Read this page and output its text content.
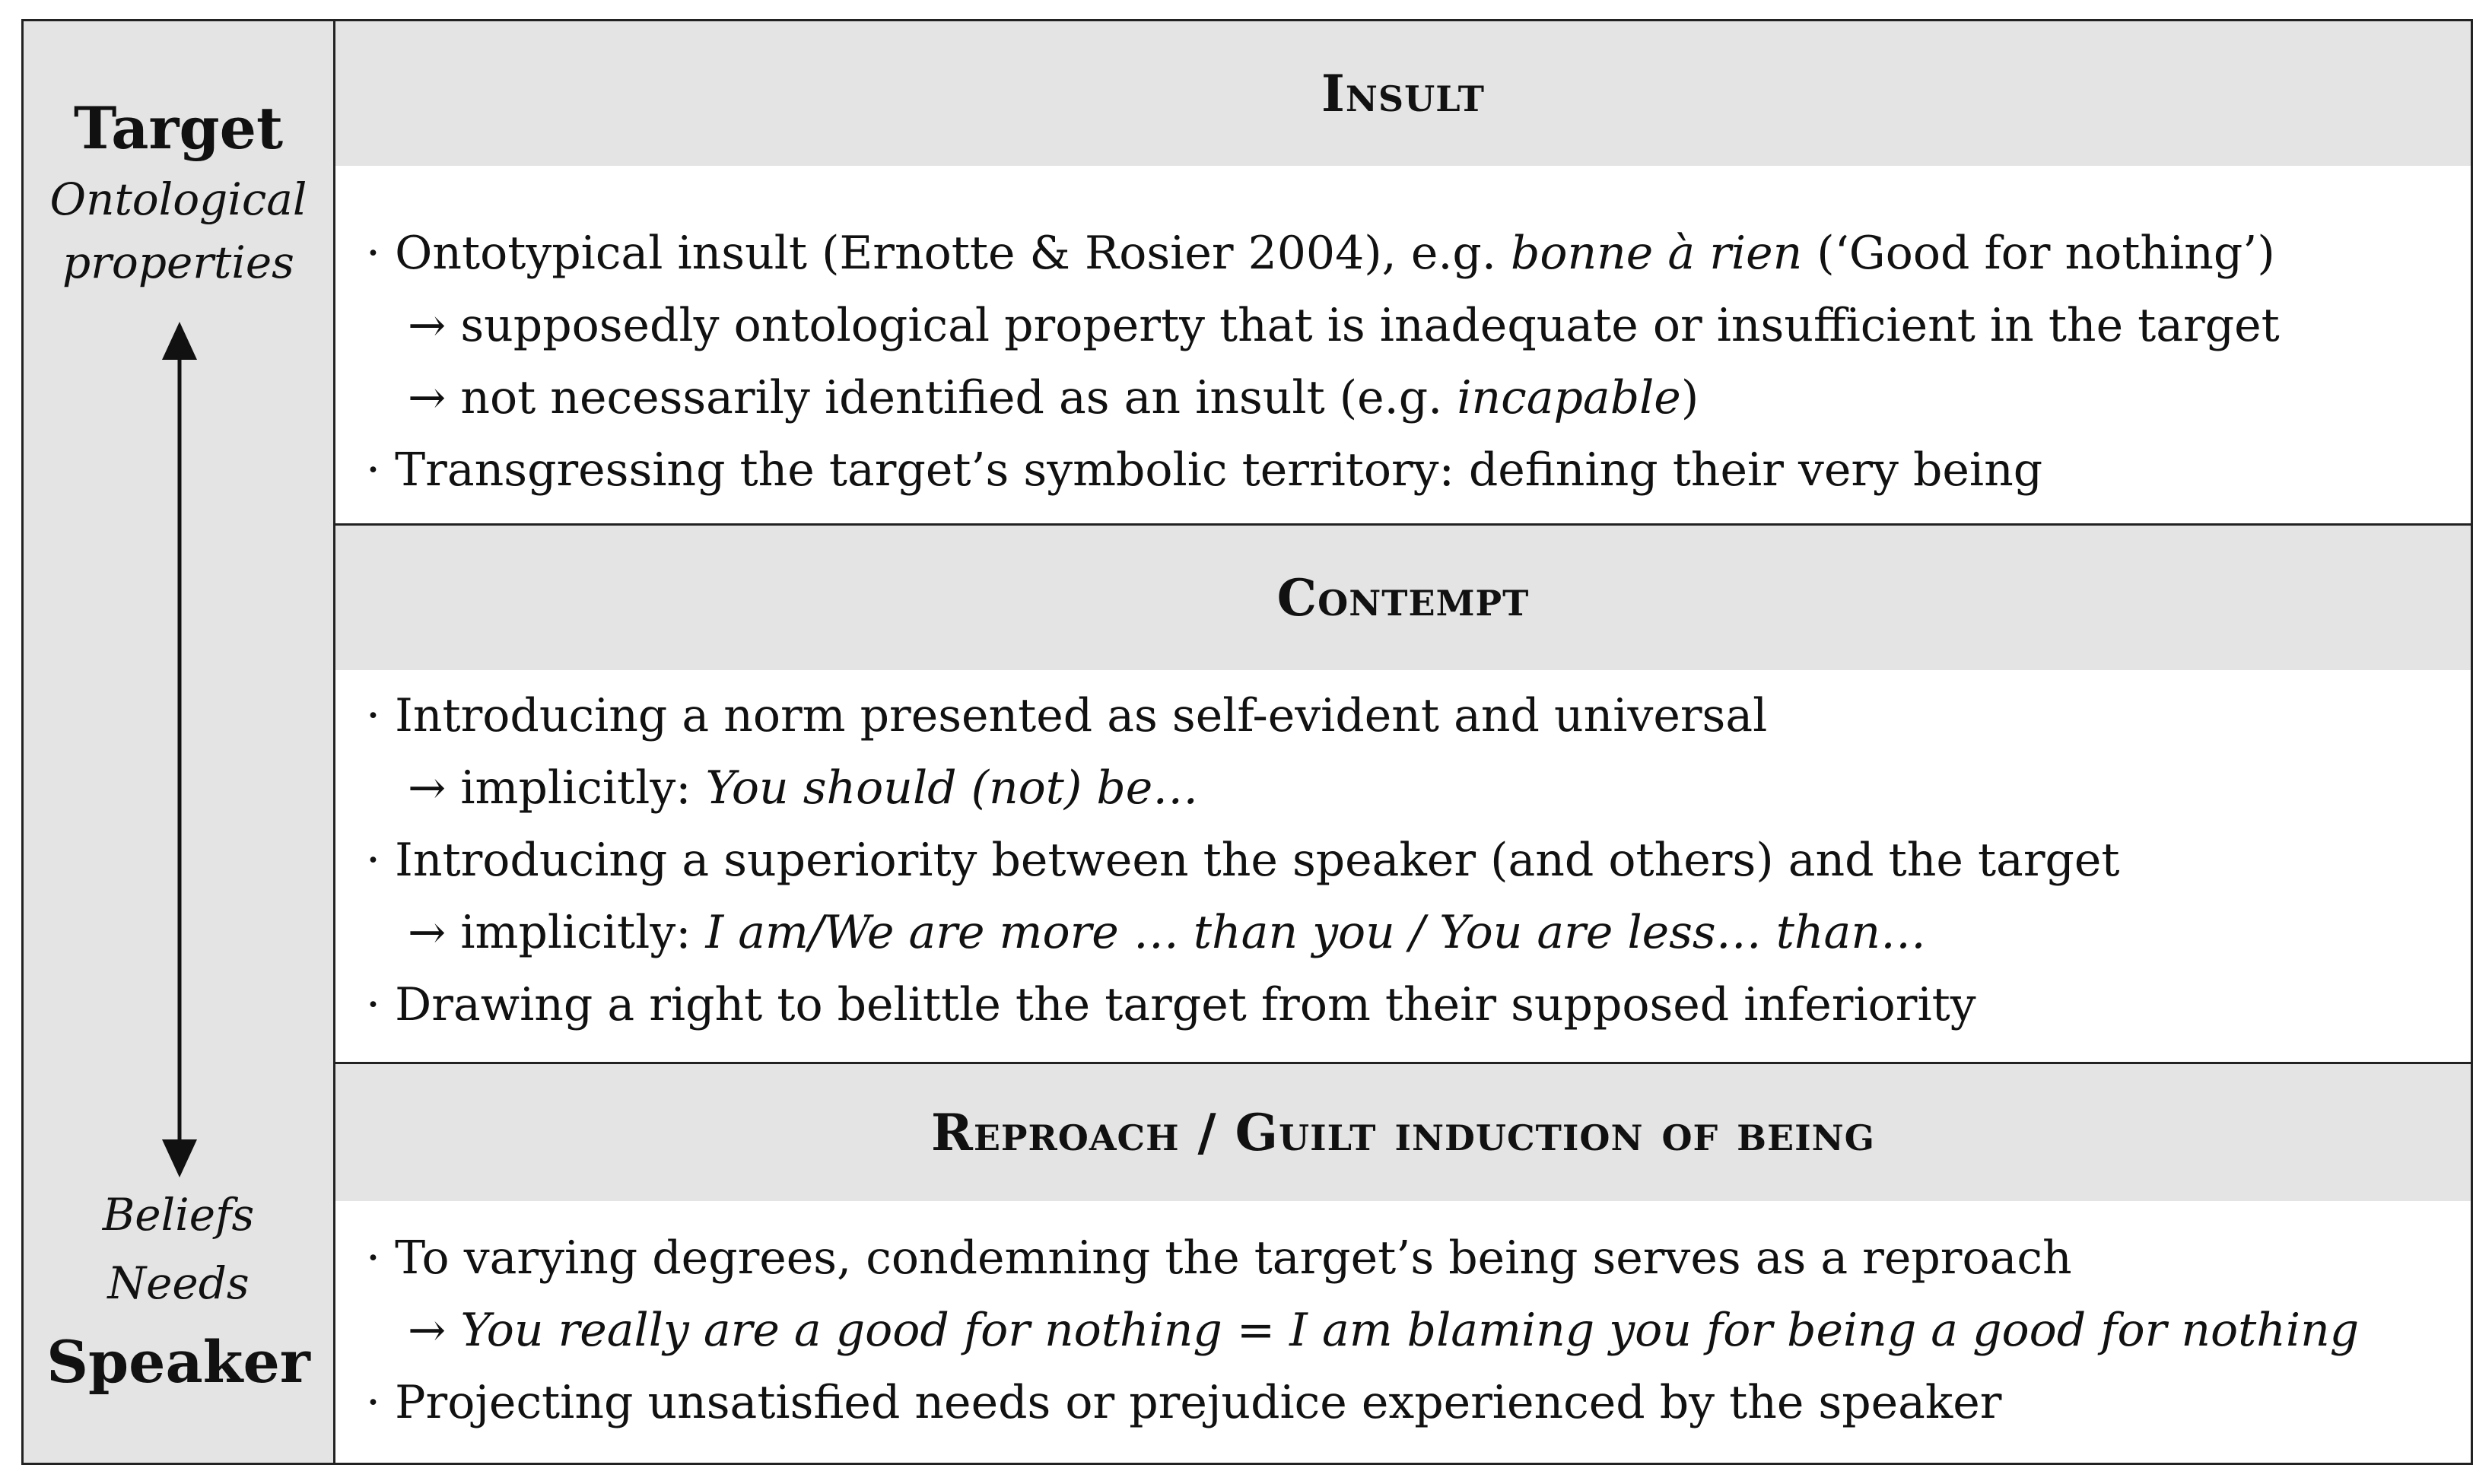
Target
Ontological
properties
Beliefs
Needs
Speaker
Insult
· Ontotypical insult (Ernotte & Rosier 2004), e.g. bonne à rien (‘Good for nothing’)
→ supposedly ontological property that is inadequate or insufficient in the target
→ not necessarily identified as an insult (e.g. incapable)
· Transgressing the target’s symbolic territory: defining their very being
Contempt
· Introducing a norm presented as self-evident and universal
→ implicitly: You should (not) be…
· Introducing a superiority between the speaker (and others) and the target
→ implicitly: I am/We are more … than you / You are less… than…
· Drawing a right to belittle the target from their supposed inferiority
Reproach / Guilt induction of being
· To varying degrees, condemning the target’s being serves as a reproach
→ You really are a good for nothing = I am blaming you for being a good for nothing
· Projecting unsatisfied needs or prejudice experienced by the speaker
